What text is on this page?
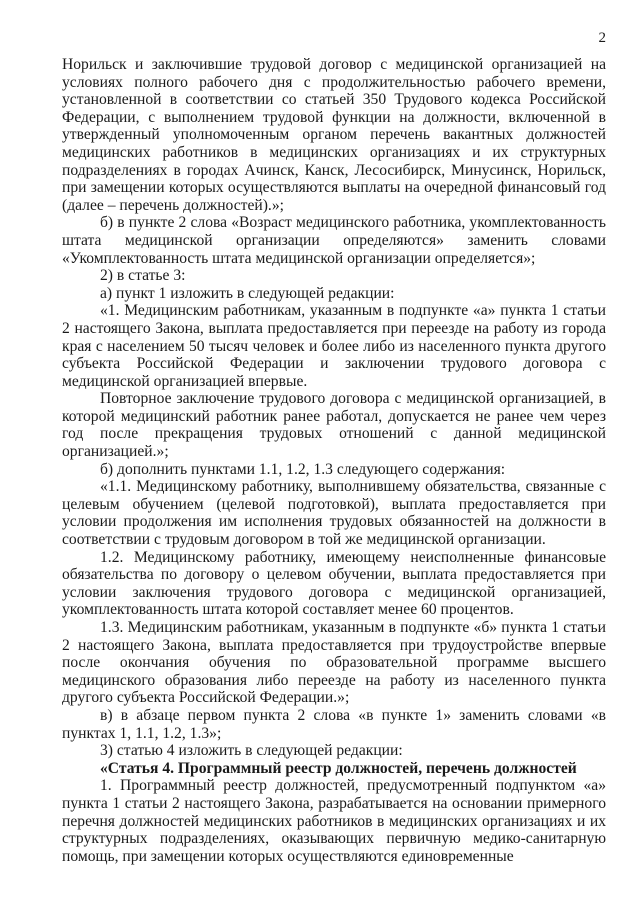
2

Норильск и заключившие трудовой договор с медицинской организацией на условиях полного рабочего дня с продолжительностью рабочего времени, установленной в соответствии со статьей 350 Трудового кодекса Российской Федерации, с выполнением трудовой функции на должности, включенной в утвержденный уполномоченным органом перечень вакантных должностей медицинских работников в медицинских организациях и их структурных подразделениях в городах Ачинск, Канск, Лесосибирск, Минусинск, Норильск, при замещении которых осуществляются выплаты на очередной финансовый год (далее – перечень должностей).»;

б) в пункте 2 слова «Возраст медицинского работника, укомплектованность штата медицинской организации определяются» заменить словами «Укомплектованность штата медицинской организации определяется»;

2) в статье 3:

а) пункт 1 изложить в следующей редакции:

«1. Медицинским работникам, указанным в подпункте «а» пункта 1 статьи 2 настоящего Закона, выплата предоставляется при переезде на работу из города края с населением 50 тысяч человек и более либо из населенного пункта другого субъекта Российской Федерации и заключении трудового договора с медицинской организацией впервые.

Повторное заключение трудового договора с медицинской организацией, в которой медицинский работник ранее работал, допускается не ранее чем через год после прекращения трудовых отношений с данной медицинской организацией.»;

б) дополнить пунктами 1.1, 1.2, 1.3 следующего содержания:

«1.1. Медицинскому работнику, выполнившему обязательства, связанные с целевым обучением (целевой подготовкой), выплата предоставляется при условии продолжения им исполнения трудовых обязанностей на должности в соответствии с трудовым договором в той же медицинской организации.

1.2. Медицинскому работнику, имеющему неисполненные финансовые обязательства по договору о целевом обучении, выплата предоставляется при условии заключения трудового договора с медицинской организацией, укомплектованность штата которой составляет менее 60 процентов.

1.3. Медицинским работникам, указанным в подпункте «б» пункта 1 статьи 2 настоящего Закона, выплата предоставляется при трудоустройстве впервые после окончания обучения по образовательной программе высшего медицинского образования либо переезде на работу из населенного пункта другого субъекта Российской Федерации.»;

в) в абзаце первом пункта 2 слова «в пункте 1» заменить словами «в пунктах 1, 1.1, 1.2, 1.3»;

3) статью 4 изложить в следующей редакции:

«Статья 4. Программный реестр должностей, перечень должностей

1. Программный реестр должностей, предусмотренный подпунктом «а» пункта 1 статьи 2 настоящего Закона, разрабатывается на основании примерного перечня должностей медицинских работников в медицинских организациях и их структурных подразделениях, оказывающих первичную медико-санитарную помощь, при замещении которых осуществляются единовременные
